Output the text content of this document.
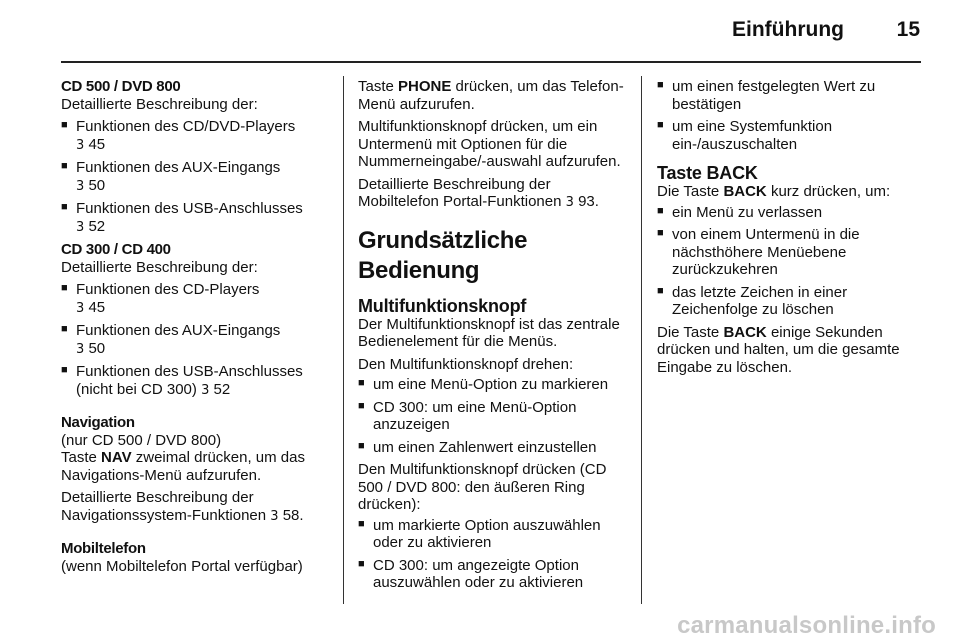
Einführung	15
CD 500 / DVD 800
Detaillierte Beschreibung der:
■ Funktionen des CD/DVD-Players
3 45
■ Funktionen des AUX-Eingangs
3 50
■ Funktionen des USB-Anschlusses
3 52
CD 300 / CD 400
Detaillierte Beschreibung der:
■ Funktionen des CD-Players
3 45
■ Funktionen des AUX-Eingangs
3 50
■ Funktionen des USB-Anschlusses (nicht bei CD 300) 3 52
Navigation
(nur CD 500 / DVD 800)
Taste NAV zweimal drücken, um das Navigations-Menü aufzurufen.
Detaillierte Beschreibung der Navigationssystem-Funktionen 3 58.
Mobiltelefon
(wenn Mobiltelefon Portal verfügbar)
Taste PHONE drücken, um das Telefon-Menü aufzurufen.
Multifunktionsknopf drücken, um ein Untermenü mit Optionen für die Nummerneingabe/-auswahl aufzurufen.
Detaillierte Beschreibung der Mobiltelefon Portal-Funktionen 3 93.
Grundsätzliche Bedienung
Multifunktionsknopf
Der Multifunktionsknopf ist das zentrale Bedienelement für die Menüs.
Den Multifunktionsknopf drehen:
■ um eine Menü-Option zu markieren
■ CD 300: um eine Menü-Option anzuzeigen
■ um einen Zahlenwert einzustellen
Den Multifunktionsknopf drücken (CD 500 / DVD 800: den äußeren Ring drücken):
■ um markierte Option auszuwählen oder zu aktivieren
■ CD 300: um angezeigte Option auszuwählen oder zu aktivieren
■ um einen festgelegten Wert zu bestätigen
■ um eine Systemfunktion ein-/auszuschalten
Taste BACK
Die Taste BACK kurz drücken, um:
■ ein Menü zu verlassen
■ von einem Untermenü in die nächsthöhere Menüebene zurückzukehren
■ das letzte Zeichen in einer Zeichenfolge zu löschen
Die Taste BACK einige Sekunden drücken und halten, um die gesamte Eingabe zu löschen.
carmanualsonline.info
